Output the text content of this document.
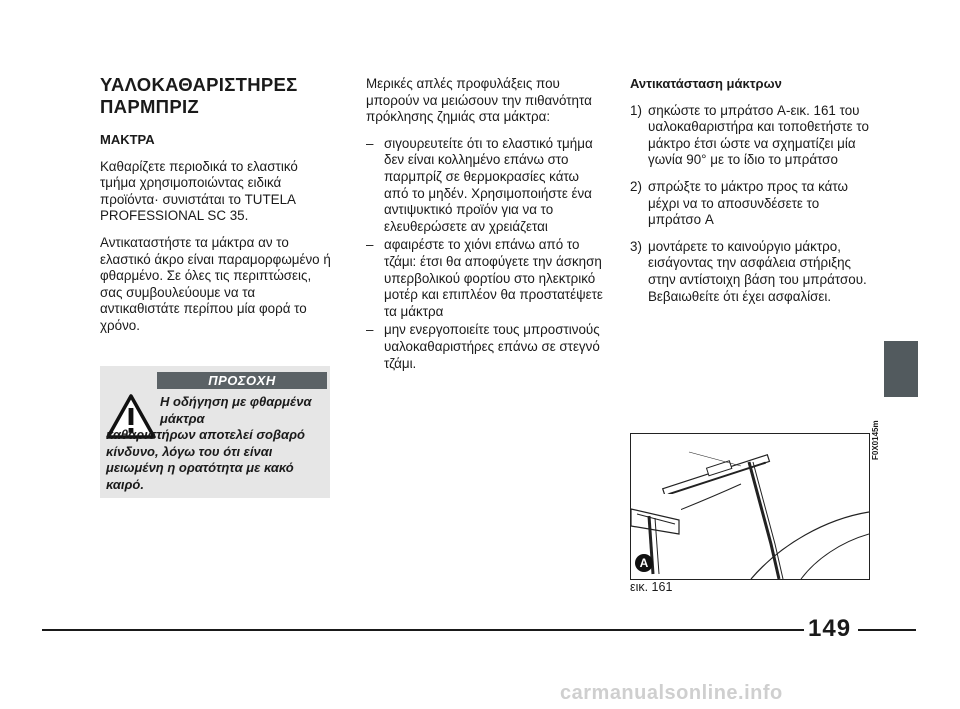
ΥΑΛΟΚΑΘΑΡΙΣΤΗΡΕΣ ΠΑΡΜΠΡΙΖ
ΜΑΚΤΡΑ

Καθαρίζετε περιοδικά το ελαστικό τμήμα χρησιμοποιώντας ειδικά προϊόντα· συνιστάται το TUTELA PROFESSIONAL SC 35.

Αντικαταστήστε τα μάκτρα αν το ελαστικό άκρο είναι παραμορφωμένο ή φθαρμένο. Σε όλες τις περιπτώσεις, σας συμβουλεύουμε να τα αντικαθιστάτε περίπου μία φορά το χρόνο.

ΠΡΟΣΟΧΗ
Η οδήγηση με φθαρμένα μάκτρα
καθαριστήρων αποτελεί σοβαρό κίνδυνο, λόγω του ότι είναι μειωμένη η ορατότητα με κακό καιρό.

Μερικές απλές προφυλάξεις που μπορούν να μειώσουν την πιθανότητα πρόκλησης ζημιάς στα μάκτρα:

– σιγουρευτείτε ότι το ελαστικό τμήμα δεν είναι κολλημένο επάνω στο παρμπρίζ σε θερμοκρασίες κάτω από το μηδέν. Χρησιμοποιήστε ένα αντιψυκτικό προϊόν για να το ελευθερώσετε αν χρειάζεται
– αφαιρέστε το χιόνι επάνω από το τζάμι: έτσι θα αποφύγετε την άσκηση υπερβολικού φορτίου στο ηλεκτρικό μοτέρ και επιπλέον θα προστατέψετε τα μάκτρα
– μην ενεργοποιείτε τους μπροστινούς υαλοκαθαριστήρες επάνω σε στεγνό τζάμι.
Αντικατάσταση μάκτρων
1) σηκώστε το μπράτσο A-εικ. 161 του υαλοκαθαριστήρα και τοποθετήστε το μάκτρο έτσι ώστε να σχηματίζει μία γωνία 90° με το ίδιο το μπράτσο
2) σπρώξτε το μάκτρο προς τα κάτω μέχρι να το αποσυνδέσετε το μπράτσο A
3) μοντάρετε το καινούργιο μάκτρο, εισάγοντας την ασφάλεια στήριξης στην αντίστοιχη βάση του μπράτσου. Βεβαιωθείτε ότι έχει ασφαλίσει.
A
F0X0145m
εικ. 161
149
carmanualsonline.info
